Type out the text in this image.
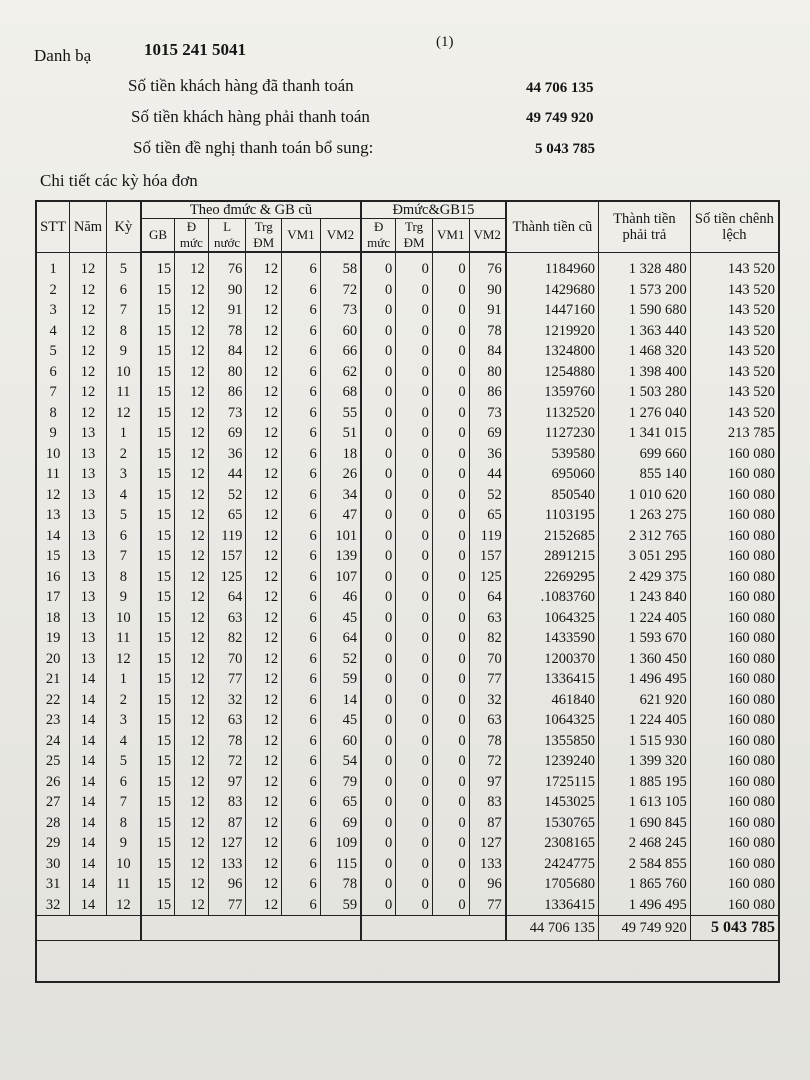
(1)
Danh bạ	1015 241 5041
Số tiền khách hàng đã thanh toán	44 706 135
Số tiền khách hàng phải thanh toán	49 749 920
Số tiền đề nghị thanh toán bổ sung:	5 043 785
Chi tiết các kỳ hóa đơn
STT	Năm	Kỳ	Theo đmức & GB cũ						Đmức&GB15				Thành tiền cũ	Thành tiền phải trả	Số tiền chênh lệch
			GB	Đ mức	L nước	Trg ĐM	VM1	VM2	Đ mức	Trg ĐM	VM1	VM2			
1	12	5	15	12	76	12	6	58	0	0	0	76	1184960	1 328 480	143 520
2	12	6	15	12	90	12	6	72	0	0	0	90	1429680	1 573 200	143 520
3	12	7	15	12	91	12	6	73	0	0	0	91	1447160	1 590 680	143 520
4	12	8	15	12	78	12	6	60	0	0	0	78	1219920	1 363 440	143 520
5	12	9	15	12	84	12	6	66	0	0	0	84	1324800	1 468 320	143 520
6	12	10	15	12	80	12	6	62	0	0	0	80	1254880	1 398 400	143 520
7	12	11	15	12	86	12	6	68	0	0	0	86	1359760	1 503 280	143 520
8	12	12	15	12	73	12	6	55	0	0	0	73	1132520	1 276 040	143 520
9	13	1	15	12	69	12	6	51	0	0	0	69	1127230	1 341 015	213 785
10	13	2	15	12	36	12	6	18	0	0	0	36	539580	699 660	160 080
11	13	3	15	12	44	12	6	26	0	0	0	44	695060	855 140	160 080
12	13	4	15	12	52	12	6	34	0	0	0	52	850540	1 010 620	160 080
13	13	5	15	12	65	12	6	47	0	0	0	65	1103195	1 263 275	160 080
14	13	6	15	12	119	12	6	101	0	0	0	119	2152685	2 312 765	160 080
15	13	7	15	12	157	12	6	139	0	0	0	157	2891215	3 051 295	160 080
16	13	8	15	12	125	12	6	107	0	0	0	125	2269295	2 429 375	160 080
17	13	9	15	12	64	12	6	46	0	0	0	64	.1083760	1 243 840	160 080
18	13	10	15	12	63	12	6	45	0	0	0	63	1064325	1 224 405	160 080
19	13	11	15	12	82	12	6	64	0	0	0	82	1433590	1 593 670	160 080
20	13	12	15	12	70	12	6	52	0	0	0	70	1200370	1 360 450	160 080
21	14	1	15	12	77	12	6	59	0	0	0	77	1336415	1 496 495	160 080
22	14	2	15	12	32	12	6	14	0	0	0	32	461840	621 920	160 080
23	14	3	15	12	63	12	6	45	0	0	0	63	1064325	1 224 405	160 080
24	14	4	15	12	78	12	6	60	0	0	0	78	1355850	1 515 930	160 080
25	14	5	15	12	72	12	6	54	0	0	0	72	1239240	1 399 320	160 080
26	14	6	15	12	97	12	6	79	0	0	0	97	1725115	1 885 195	160 080
27	14	7	15	12	83	12	6	65	0	0	0	83	1453025	1 613 105	160 080
28	14	8	15	12	87	12	6	69	0	0	0	87	1530765	1 690 845	160 080
29	14	9	15	12	127	12	6	109	0	0	0	127	2308165	2 468 245	160 080
30	14	10	15	12	133	12	6	115	0	0	0	133	2424775	2 584 855	160 080
31	14	11	15	12	96	12	6	78	0	0	0	96	1705680	1 865 760	160 080
32	14	12	15	12	77	12	6	59	0	0	0	77	1336415	1 496 495	160 080
													44 706 135	49 749 920	5 043 785
